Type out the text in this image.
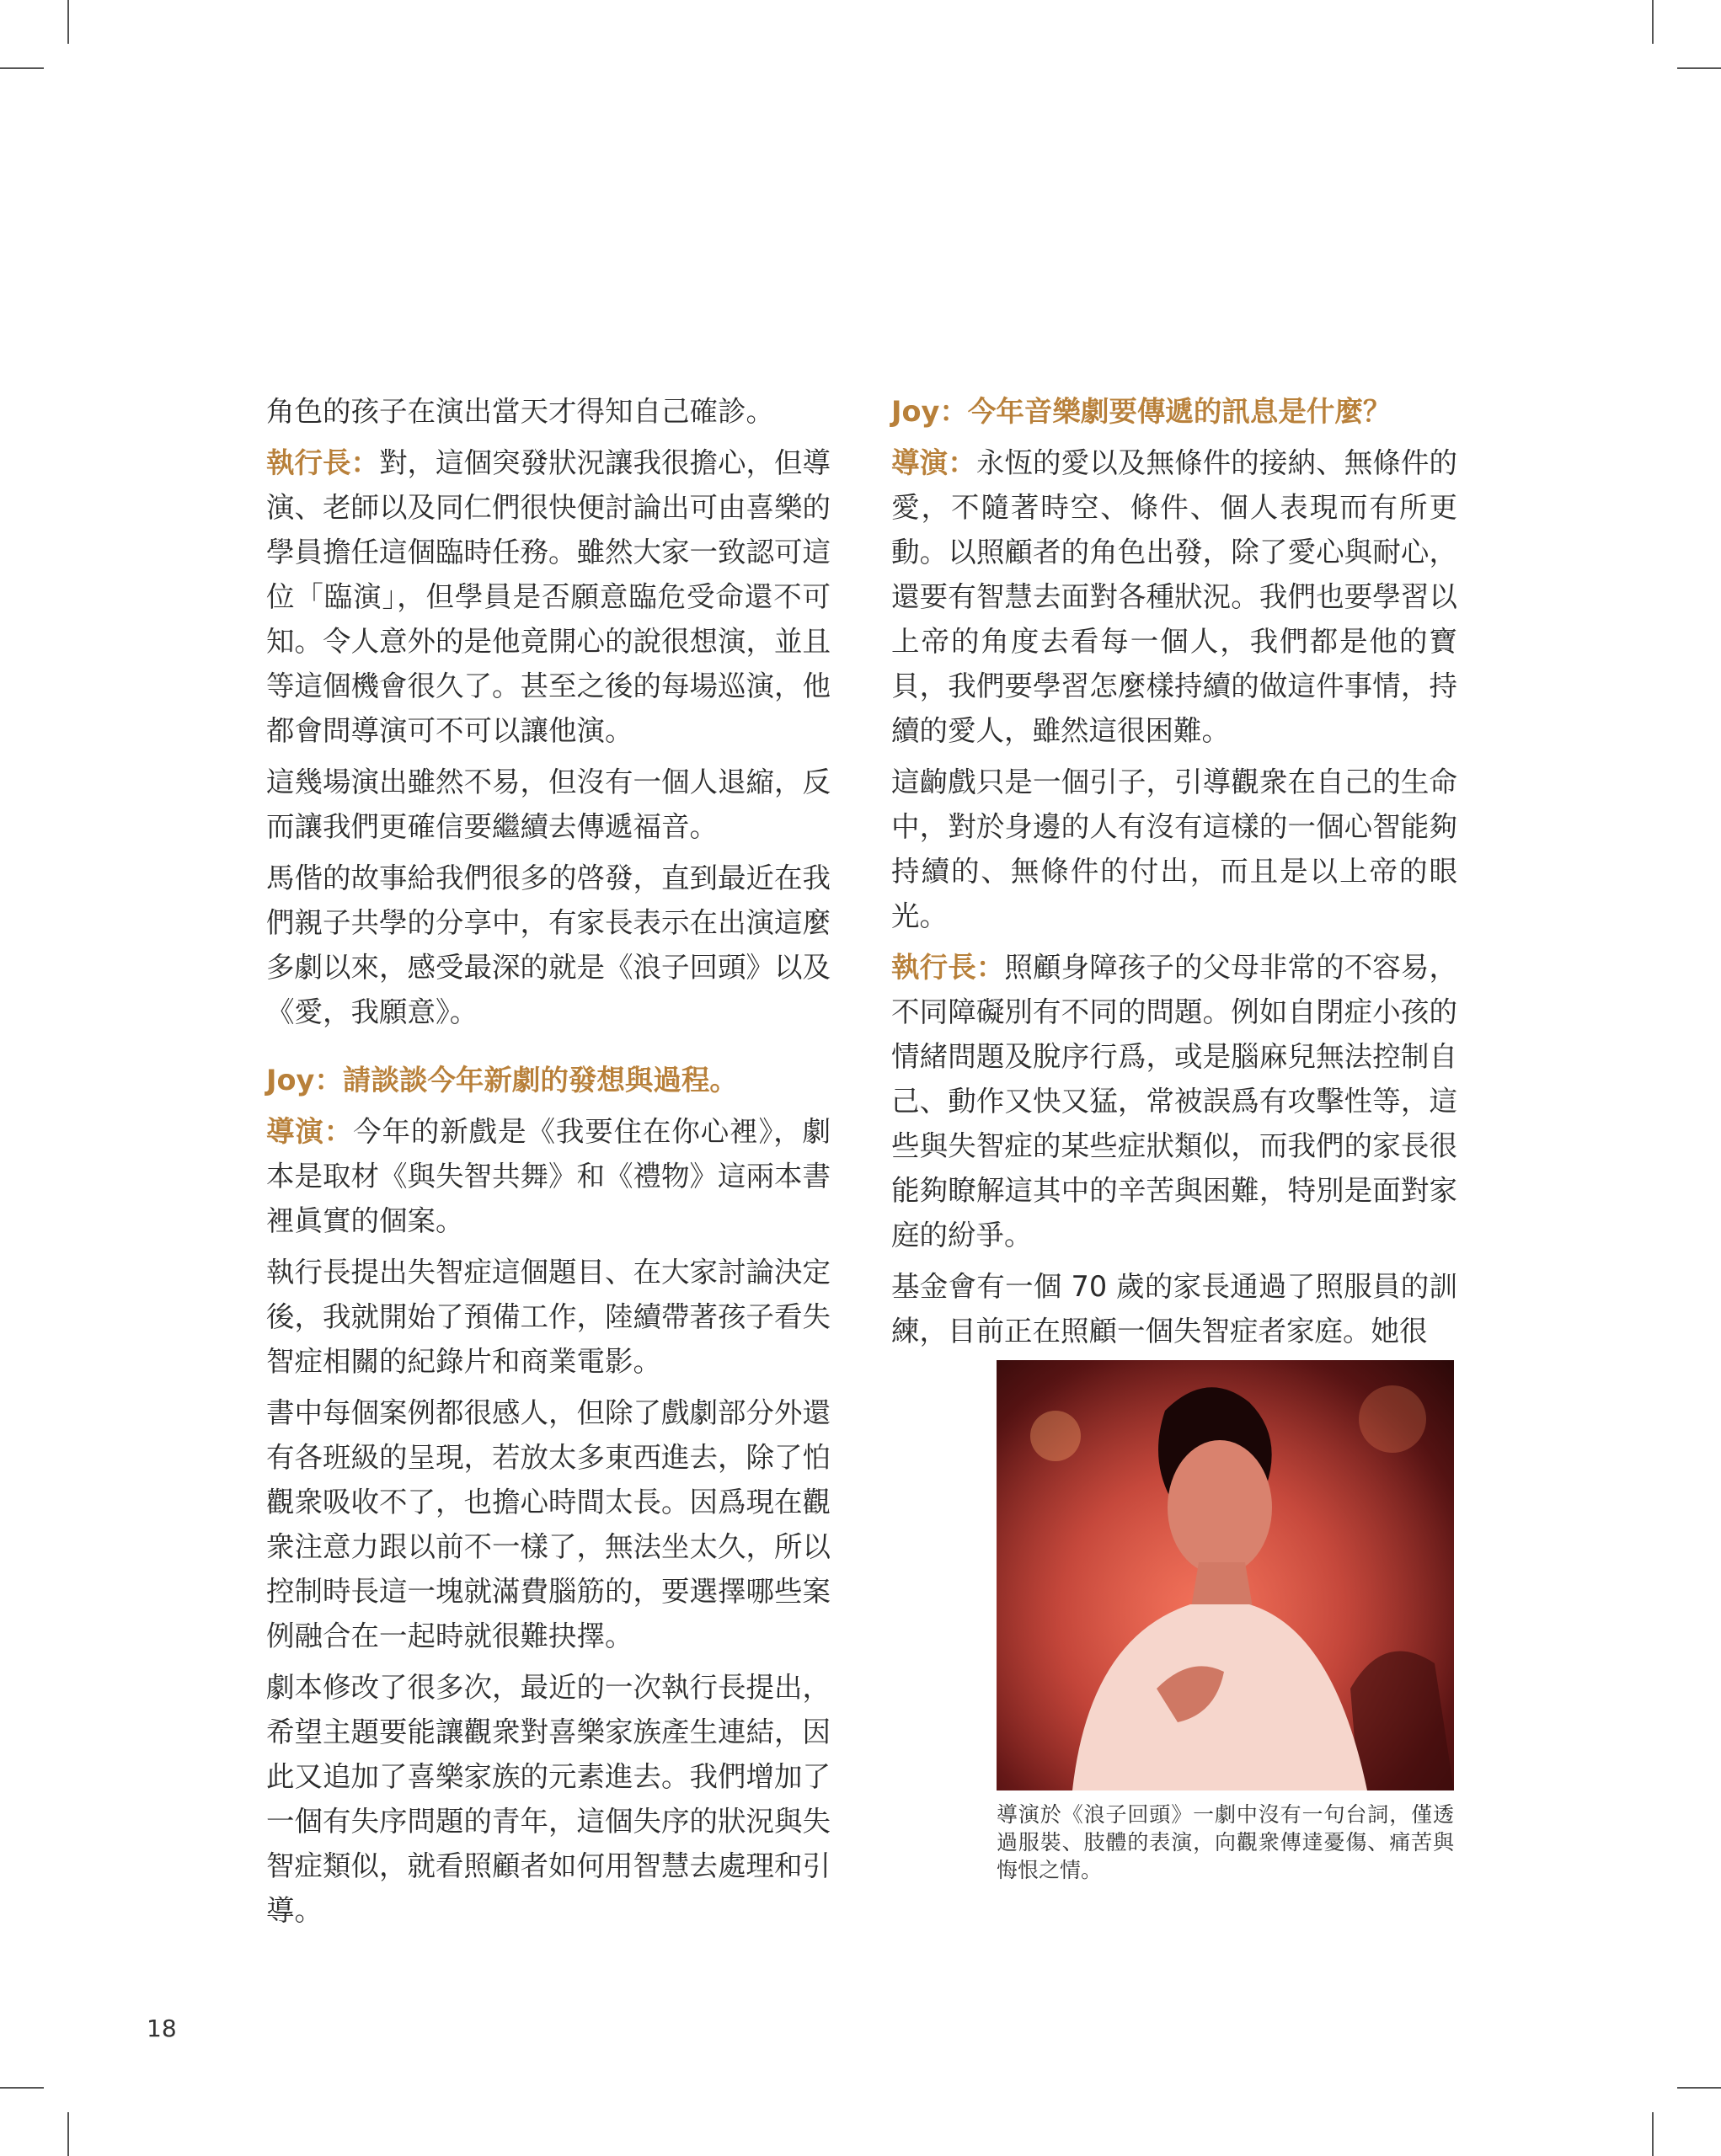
角色的孩子在演出當天才得知自己確診。

執行長：對，這個突發狀況讓我很擔心，但導演、老師以及同仁們很快便討論出可由喜樂的學員擔任這個臨時任務。雖然大家一致認可這位「臨演」，但學員是否願意臨危受命還不可知。令人意外的是他竟開心的說很想演，並且等這個機會很久了。甚至之後的每場巡演，他都會問導演可不可以讓他演。

這幾場演出雖然不易，但沒有一個人退縮，反而讓我們更確信要繼續去傳遞福音。

馬偕的故事給我們很多的啓發，直到最近在我們親子共學的分享中，有家長表示在出演這麼多劇以來，感受最深的就是《浪子回頭》以及《愛，我願意》。

Joy：請談談今年新劇的發想與過程。

導演：今年的新戲是《我要住在你心裡》，劇本是取材《與失智共舞》和《禮物》這兩本書裡眞實的個案。

執行長提出失智症這個題目、在大家討論決定後，我就開始了預備工作，陸續帶著孩子看失智症相關的紀錄片和商業電影。

書中每個案例都很感人，但除了戲劇部分外還有各班級的呈現，若放太多東西進去，除了怕觀衆吸收不了，也擔心時間太長。因爲現在觀衆注意力跟以前不一樣了，無法坐太久，所以控制時長這一塊就滿費腦筋的，要選擇哪些案例融合在一起時就很難抉擇。

劇本修改了很多次，最近的一次執行長提出，希望主題要能讓觀衆對喜樂家族產生連結，因此又追加了喜樂家族的元素進去。我們增加了一個有失序問題的青年，這個失序的狀況與失智症類似，就看照顧者如何用智慧去處理和引導。

Joy：今年音樂劇要傳遞的訊息是什麼？

導演：永恆的愛以及無條件的接納、無條件的愛，不隨著時空、條件、個人表現而有所更動。以照顧者的角色出發，除了愛心與耐心，還要有智慧去面對各種狀況。我們也要學習以上帝的角度去看每一個人，我們都是他的寶貝，我們要學習怎麼樣持續的做這件事情，持續的愛人，雖然這很困難。

這齣戲只是一個引子，引導觀衆在自己的生命中，對於身邊的人有沒有這樣的一個心智能夠持續的、無條件的付出，而且是以上帝的眼光。

執行長：照顧身障孩子的父母非常的不容易，不同障礙別有不同的問題。例如自閉症小孩的情緒問題及脫序行爲，或是腦麻兒無法控制自己、動作又快又猛，常被誤爲有攻擊性等，這些與失智症的某些症狀類似，而我們的家長很能夠瞭解這其中的辛苦與困難，特別是面對家庭的紛爭。

基金會有一個 70 歲的家長通過了照服員的訓練，目前正在照顧一個失智症者家庭。她很

導演於《浪子回頭》一劇中沒有一句台詞，僅透過服裝、肢體的表演，向觀衆傳達憂傷、痛苦與悔恨之情。
18
